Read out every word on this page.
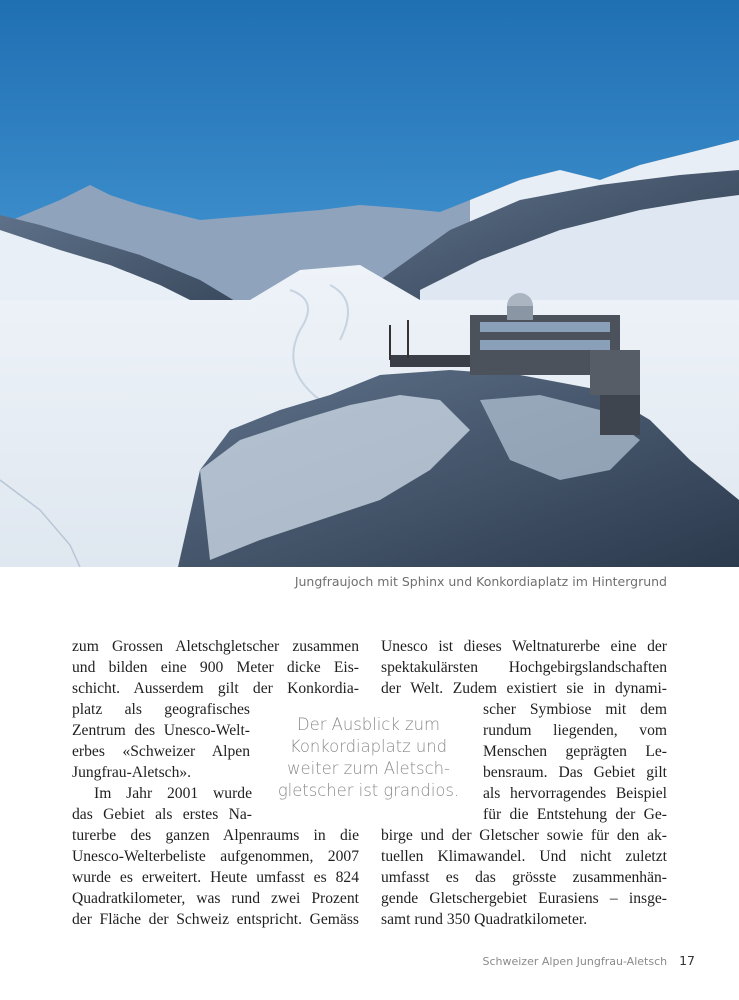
Jungfraujoch mit Sphinx und Konkordiaplatz im Hintergrund
zum Grossen Aletschgletscher zusammen
und bilden eine 900 Meter dicke Eis-
schicht. Ausserdem gilt der Konkordia-
platz als geografisches
Zentrum des Unesco-Welt-
erbes «Schweizer Alpen
Jungfrau-Aletsch».
Im Jahr 2001 wurde
das Gebiet als erstes Na-
turerbe des ganzen Alpenraums in die
Unesco-Welterbeliste aufgenommen, 2007
wurde es erweitert. Heute umfasst es 824
Quadratkilometer, was rund zwei Prozent
der Fläche der Schweiz entspricht. Gemäss
Der Ausblick zum
Konkordiaplatz und
weiter zum Aletsch-
gletscher ist grandios.
Unesco ist dieses Weltnaturerbe eine der
spektakulärsten Hochgebirgslandschaften
der Welt. Zudem existiert sie in dynami-
scher Symbiose mit dem
rundum liegenden, vom
Menschen geprägten Le-
bensraum. Das Gebiet gilt
als hervorragendes Beispiel
für die Entstehung der Ge-
birge und der Gletscher sowie für den ak-
tuellen Klimawandel. Und nicht zuletzt
umfasst es das grösste zusammenhän-
gende Gletschergebiet Eurasiens – insge-
samt rund 350 Quadratkilometer.
Schweizer Alpen Jungfrau-Aletsch 17
